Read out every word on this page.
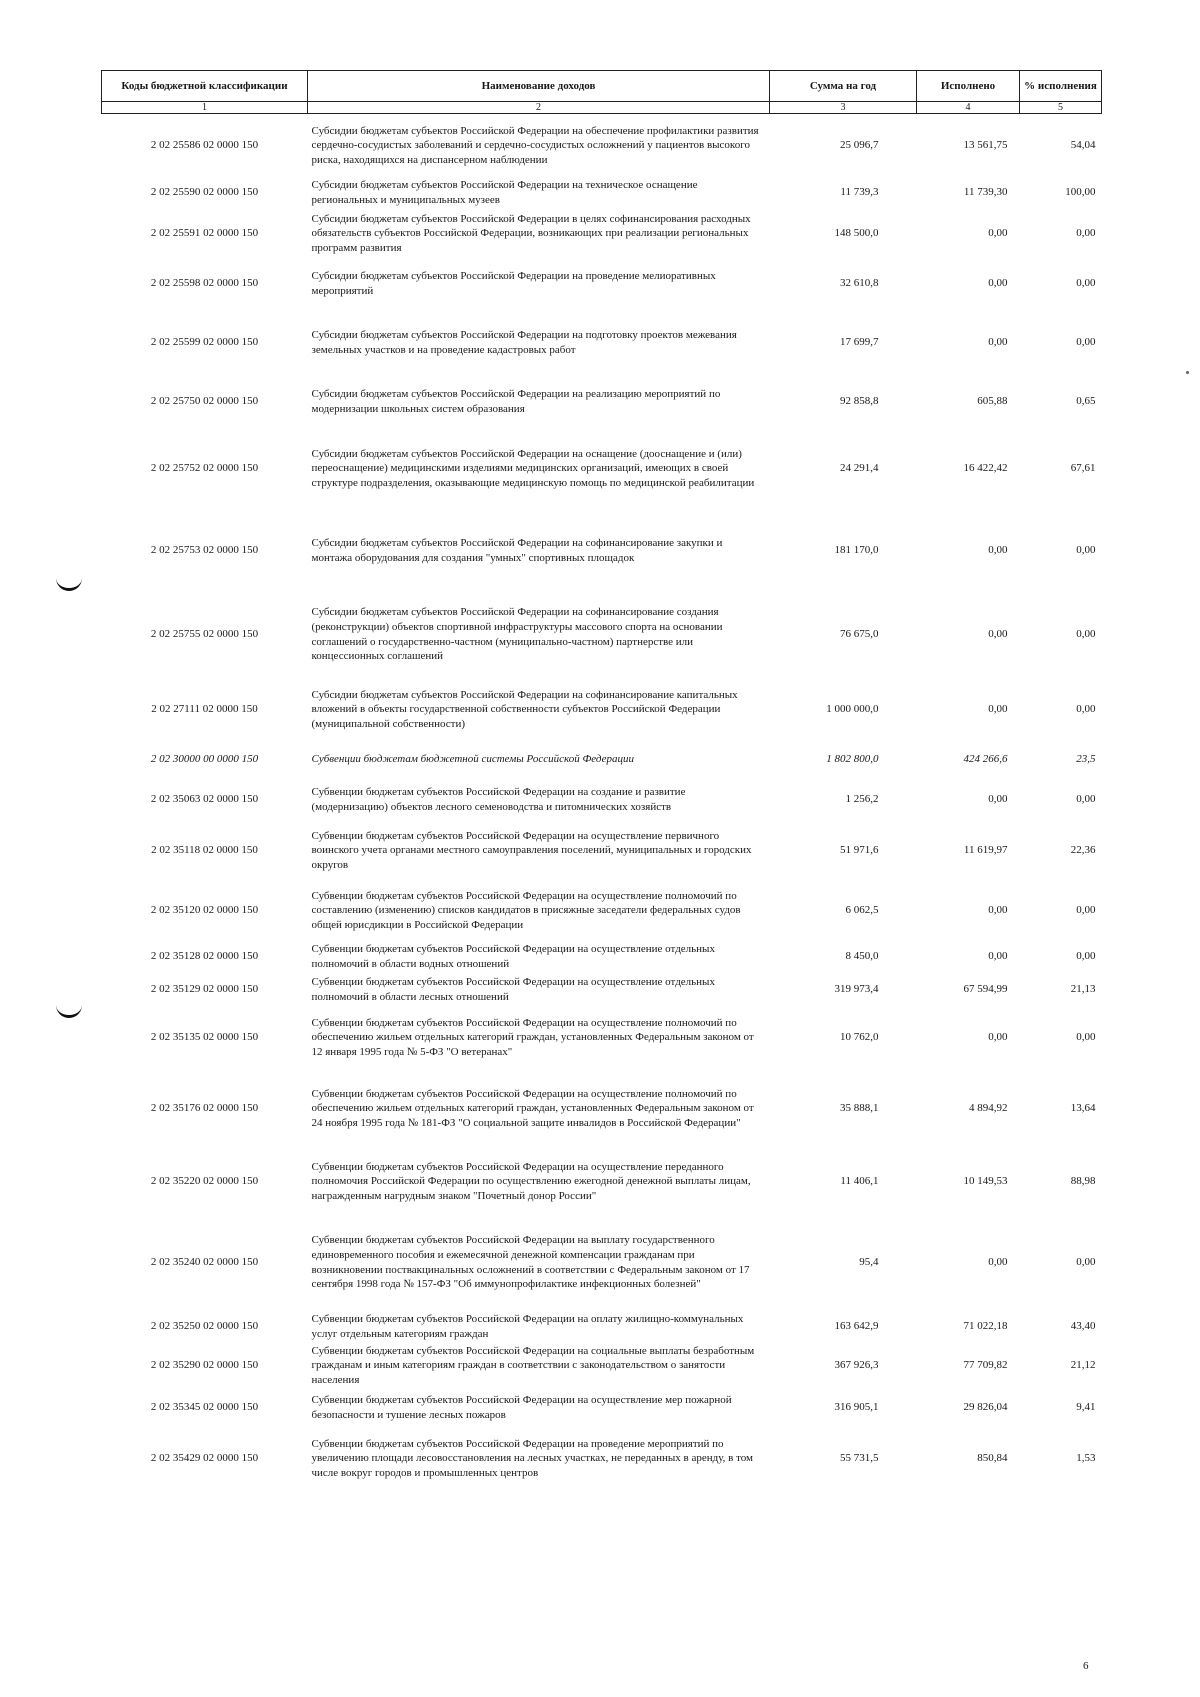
Коды бюджетной классификации	Наименование доходов	Сумма на год	Исполнено	% исполнения
1	2	3	4	5
2 02 25586 02 0000 150	Субсидии бюджетам субъектов Российской Федерации на обеспечение профилактики развития сердечно-сосудистых заболеваний и сердечно-сосудистых осложнений у пациентов высокого риска, находящихся на диспансерном наблюдении	25 096,7	13 561,75	54,04
2 02 25590 02 0000 150	Субсидии бюджетам субъектов Российской Федерации на техническое оснащение региональных и муниципальных музеев	11 739,3	11 739,30	100,00
2 02 25591 02 0000 150	Субсидии бюджетам субъектов Российской Федерации в целях софинансирования расходных обязательств субъектов Российской Федерации, возникающих при реализации региональных программ развития	148 500,0	0,00	0,00
2 02 25598 02 0000 150	Субсидии бюджетам субъектов Российской Федерации на проведение мелиоративных мероприятий	32 610,8	0,00	0,00
2 02 25599 02 0000 150	Субсидии бюджетам субъектов Российской Федерации на подготовку проектов межевания земельных участков и на проведение кадастровых работ	17 699,7	0,00	0,00
2 02 25750 02 0000 150	Субсидии бюджетам субъектов Российской Федерации на реализацию мероприятий по модернизации школьных систем образования	92 858,8	605,88	0,65
2 02 25752 02 0000 150	Субсидии бюджетам субъектов Российской Федерации на оснащение (дооснащение и (или) переоснащение) медицинскими изделиями медицинских организаций, имеющих в своей структуре подразделения, оказывающие медицинскую помощь по медицинской реабилитации	24 291,4	16 422,42	67,61
2 02 25753 02 0000 150	Субсидии бюджетам субъектов Российской Федерации на софинансирование закупки и монтажа оборудования для создания "умных" спортивных площадок	181 170,0	0,00	0,00
2 02 25755 02 0000 150	Субсидии бюджетам субъектов Российской Федерации на софинансирование создания (реконструкции) объектов спортивной инфраструктуры массового спорта на основании соглашений о государственно-частном (муниципально-частном) партнерстве или концессионных соглашений	76 675,0	0,00	0,00
2 02 27111 02 0000 150	Субсидии бюджетам субъектов Российской Федерации на софинансирование капитальных вложений в объекты государственной собственности субъектов Российской Федерации (муниципальной собственности)	1 000 000,0	0,00	0,00
2 02 30000 00 0000 150	Субвенции бюджетам бюджетной системы Российской Федерации	1 802 800,0	424 266,6	23,5
2 02 35063 02 0000 150	Субвенции бюджетам субъектов Российской Федерации на создание и развитие (модернизацию) объектов лесного семеноводства и питомнических хозяйств	1 256,2	0,00	0,00
2 02 35118 02 0000 150	Субвенции бюджетам субъектов Российской Федерации на осуществление первичного воинского учета органами местного самоуправления поселений, муниципальных и городских округов	51 971,6	11 619,97	22,36
2 02 35120 02 0000 150	Субвенции бюджетам субъектов Российской Федерации на осуществление полномочий по составлению (изменению) списков кандидатов в присяжные заседатели федеральных судов общей юрисдикции в Российской Федерации	6 062,5	0,00	0,00
2 02 35128 02 0000 150	Субвенции бюджетам субъектов Российской Федерации на осуществление отдельных полномочий в области водных отношений	8 450,0	0,00	0,00
2 02 35129 02 0000 150	Субвенции бюджетам субъектов Российской Федерации на осуществление отдельных полномочий в области лесных отношений	319 973,4	67 594,99	21,13
2 02 35135 02 0000 150	Субвенции бюджетам субъектов Российской Федерации на осуществление полномочий по обеспечению жильем отдельных категорий граждан, установленных Федеральным законом от 12 января 1995 года № 5-ФЗ "О ветеранах"	10 762,0	0,00	0,00
2 02 35176 02 0000 150	Субвенции бюджетам субъектов Российской Федерации на осуществление полномочий по обеспечению жильем отдельных категорий граждан, установленных Федеральным законом от 24 ноября 1995 года № 181-ФЗ "О социальной защите инвалидов в Российской Федерации"	35 888,1	4 894,92	13,64
2 02 35220 02 0000 150	Субвенции бюджетам субъектов Российской Федерации на осуществление переданного полномочия Российской Федерации по осуществлению ежегодной денежной выплаты лицам, награжденным нагрудным знаком "Почетный донор России"	11 406,1	10 149,53	88,98
2 02 35240 02 0000 150	Субвенции бюджетам субъектов Российской Федерации на выплату государственного единовременного пособия и ежемесячной денежной компенсации гражданам при возникновении поствакцинальных осложнений в соответствии с Федеральным законом от 17 сентября 1998 года № 157-ФЗ "Об иммунопрофилактике инфекционных болезней"	95,4	0,00	0,00
2 02 35250 02 0000 150	Субвенции бюджетам субъектов Российской Федерации на оплату жилищно-коммунальных услуг отдельным категориям граждан	163 642,9	71 022,18	43,40
2 02 35290 02 0000 150	Субвенции бюджетам субъектов Российской Федерации на социальные выплаты безработным гражданам и иным категориям граждан в соответствии с законодательством о занятости населения	367 926,3	77 709,82	21,12
2 02 35345 02 0000 150	Субвенции бюджетам субъектов Российской Федерации на осуществление мер пожарной безопасности и тушение лесных пожаров	316 905,1	29 826,04	9,41
2 02 35429 02 0000 150	Субвенции бюджетам субъектов Российской Федерации на проведение мероприятий по увеличению площади лесовосстановления на лесных участках, не переданных в аренду, в том числе вокруг городов и промышленных центров	55 731,5	850,84	1,53
6
